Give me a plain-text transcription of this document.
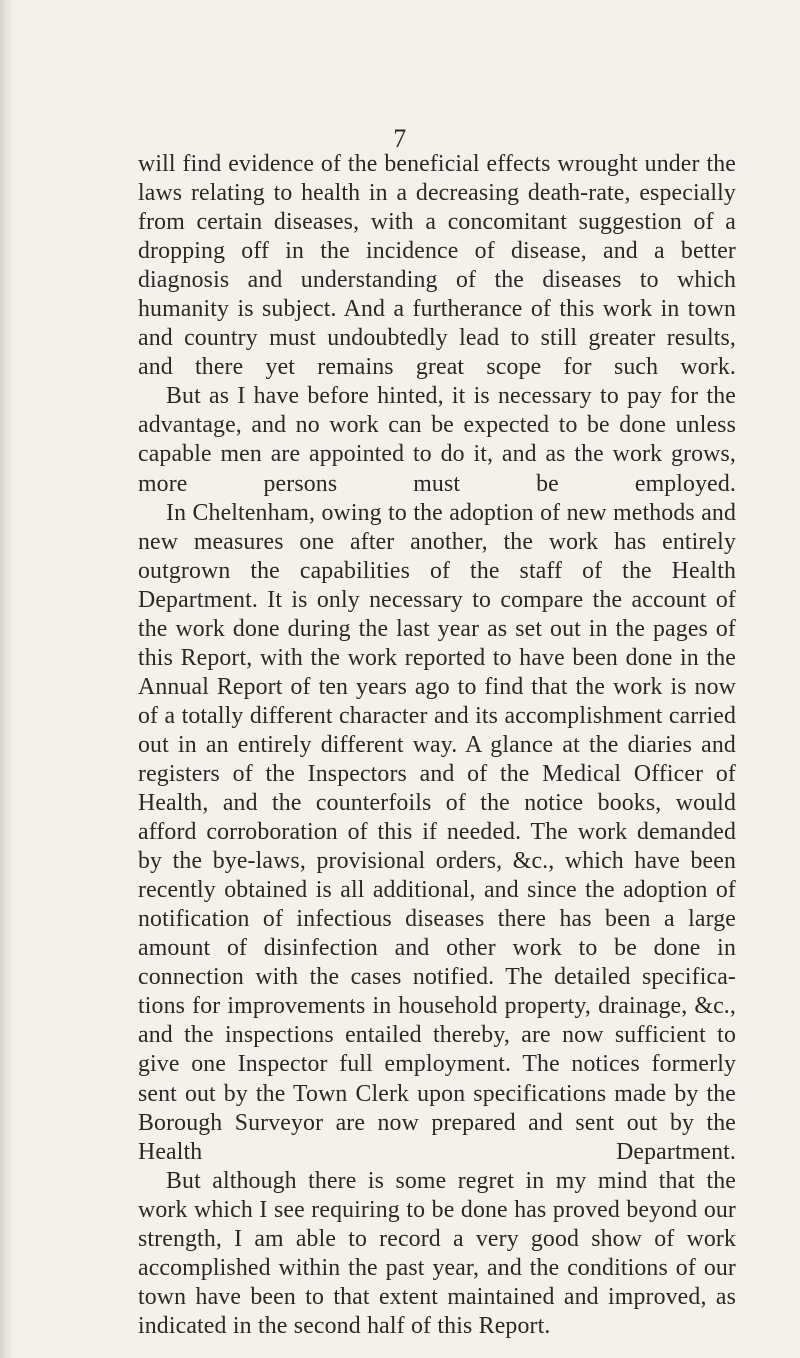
7

will find evidence of the beneficial effects wrought under the laws relating to health in a decreasing death-rate, especially from certain diseases, with a concomitant suggestion of a dropping off in the incidence of disease, and a better diagnosis and understanding of the diseases to which humanity is subject. And a furtherance of this work in town and country must undoubtedly lead to still greater results, and there yet remains great scope for such work.

But as I have before hinted, it is necessary to pay for the advantage, and no work can be expected to be done unless capable men are appointed to do it, and as the work grows, more persons must be employed.

In Cheltenham, owing to the adoption of new methods and new measures one after another, the work has entirely outgrown the capabilities of the staff of the Health Department. It is only necessary to compare the account of the work done during the last year as set out in the pages of this Report, with the work reported to have been done in the Annual Report of ten years ago to find that the work is now of a totally different character and its accomplishment carried out in an entirely different way. A glance at the diaries and registers of the Inspectors and of the Medical Officer of Health, and the counterfoils of the notice books, would afford corroboration of this if needed. The work demanded by the bye-laws, provisional orders, &c., which have been recently obtained is all additional, and since the adoption of notification of infectious diseases there has been a large amount of disinfection and other work to be done in connection with the cases notified. The detailed specifica- tions for improvements in household property, drainage, &c., and the inspections entailed thereby, are now sufficient to give one Inspector full employment. The notices formerly sent out by the Town Clerk upon specifications made by the Borough Surveyor are now prepared and sent out by the Health Department.

But although there is some regret in my mind that the work which I see requiring to be done has proved beyond our strength, I am able to record a very good show of work accomplished within the past year, and the conditions of our town have been to that extent maintained and improved, as indicated in the second half of this Report.
